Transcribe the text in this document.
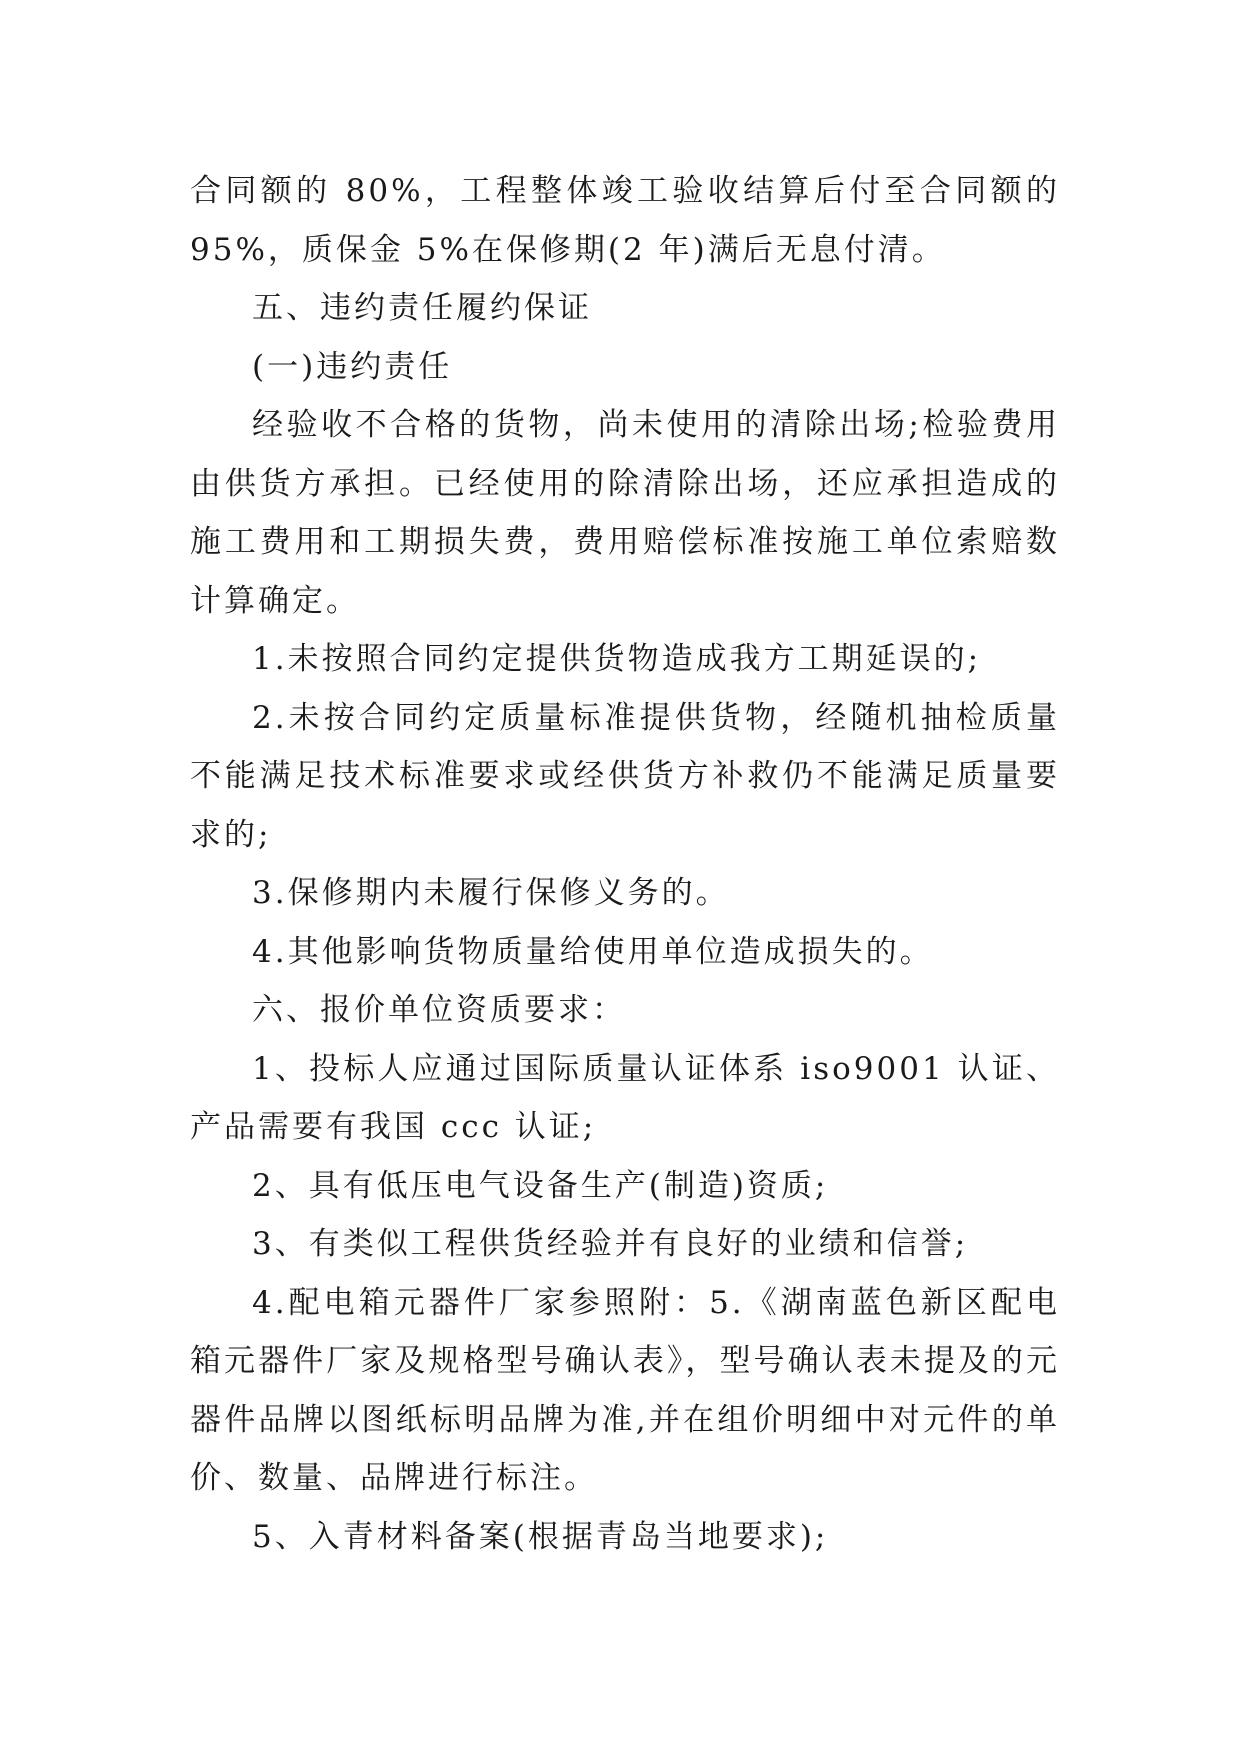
合同额的 80%，工程整体竣工验收结算后付至合同额的 95%，质保金 5%在保修期(2 年)满后无息付清。

五、违约责任履约保证

(一)违约责任

经验收不合格的货物，尚未使用的清除出场;检验费用由供货方承担。已经使用的除清除出场，还应承担造成的施工费用和工期损失费，费用赔偿标准按施工单位索赔数计算确定。

1.未按照合同约定提供货物造成我方工期延误的;

2.未按合同约定质量标准提供货物，经随机抽检质量不能满足技术标准要求或经供货方补救仍不能满足质量要求的;

3.保修期内未履行保修义务的。

4.其他影响货物质量给使用单位造成损失的。

六、报价单位资质要求：

1、投标人应通过国际质量认证体系 iso9001 认证、产品需要有我国 ccc 认证;

2、具有低压电气设备生产(制造)资质;

3、有类似工程供货经验并有良好的业绩和信誉;

4.配电箱元器件厂家参照附：5.《湖南蓝色新区配电箱元器件厂家及规格型号确认表》，型号确认表未提及的元器件品牌以图纸标明品牌为准,并在组价明细中对元件的单价、数量、品牌进行标注。

5、入青材料备案(根据青岛当地要求);
